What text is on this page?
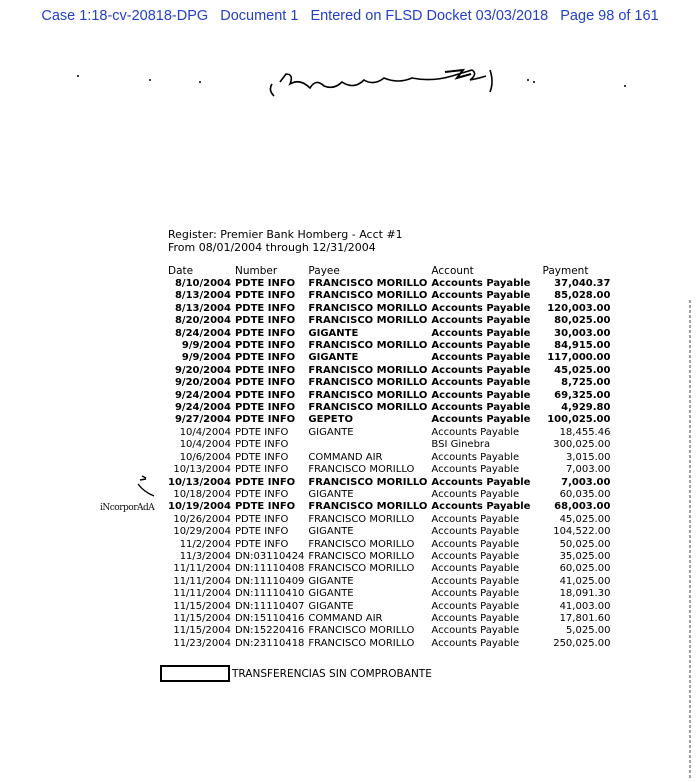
Case 1:18-cv-20818-DPG Document 1 Entered on FLSD Docket 03/03/2018 Page 98 of 161
Register: Premier Bank Homberg - Acct #1
From 08/01/2004 through 12/31/2004
Date	Number	Payee	Account	Payment
8/10/2004	PDTE INFO	FRANCISCO MORILLO	Accounts Payable	37,040.37
8/13/2004	PDTE INFO	FRANCISCO MORILLO	Accounts Payable	85,028.00
8/13/2004	PDTE INFO	FRANCISCO MORILLO	Accounts Payable	120,003.00
8/20/2004	PDTE INFO	FRANCISCO MORILLO	Accounts Payable	80,025.00
8/24/2004	PDTE INFO	GIGANTE	Accounts Payable	30,003.00
9/9/2004	PDTE INFO	FRANCISCO MORILLO	Accounts Payable	84,915.00
9/9/2004	PDTE INFO	GIGANTE	Accounts Payable	117,000.00
9/20/2004	PDTE INFO	FRANCISCO MORILLO	Accounts Payable	45,025.00
9/20/2004	PDTE INFO	FRANCISCO MORILLO	Accounts Payable	8,725.00
9/24/2004	PDTE INFO	FRANCISCO MORILLO	Accounts Payable	69,325.00
9/24/2004	PDTE INFO	FRANCISCO MORILLO	Accounts Payable	4,929.80
9/27/2004	PDTE INFO	GEPETO	Accounts Payable	100,025.00
10/4/2004	PDTE INFO	GIGANTE	Accounts Payable	18,455.46
10/4/2004	PDTE INFO		BSI Ginebra	300,025.00
10/6/2004	PDTE INFO	COMMAND AIR	Accounts Payable	3,015.00
10/13/2004	PDTE INFO	FRANCISCO MORILLO	Accounts Payable	7,003.00
10/13/2004	PDTE INFO	FRANCISCO MORILLO	Accounts Payable	7,003.00
10/18/2004	PDTE INFO	GIGANTE	Accounts Payable	60,035.00
10/19/2004	PDTE INFO	FRANCISCO MORILLO	Accounts Payable	68,003.00
10/26/2004	PDTE INFO	FRANCISCO MORILLO	Accounts Payable	45,025.00
10/29/2004	PDTE INFO	GIGANTE	Accounts Payable	104,522.00
11/2/2004	PDTE INFO	FRANCISCO MORILLO	Accounts Payable	50,025.00
11/3/2004	DN:03110424	FRANCISCO MORILLO	Accounts Payable	35,025.00
11/11/2004	DN:11110408	FRANCISCO MORILLO	Accounts Payable	60,025.00
11/11/2004	DN:11110409	GIGANTE	Accounts Payable	41,025.00
11/11/2004	DN:11110410	GIGANTE	Accounts Payable	18,091.30
11/15/2004	DN:11110407	GIGANTE	Accounts Payable	41,003.00
11/15/2004	DN:15110416	COMMAND AIR	Accounts Payable	17,801.60
11/15/2004	DN:15220416	FRANCISCO MORILLO	Accounts Payable	5,025.00
11/23/2004	DN:23110418	FRANCISCO MORILLO	Accounts Payable	250,025.00
iNcorporAdA
TRANSFERENCIAS SIN COMPROBANTE
